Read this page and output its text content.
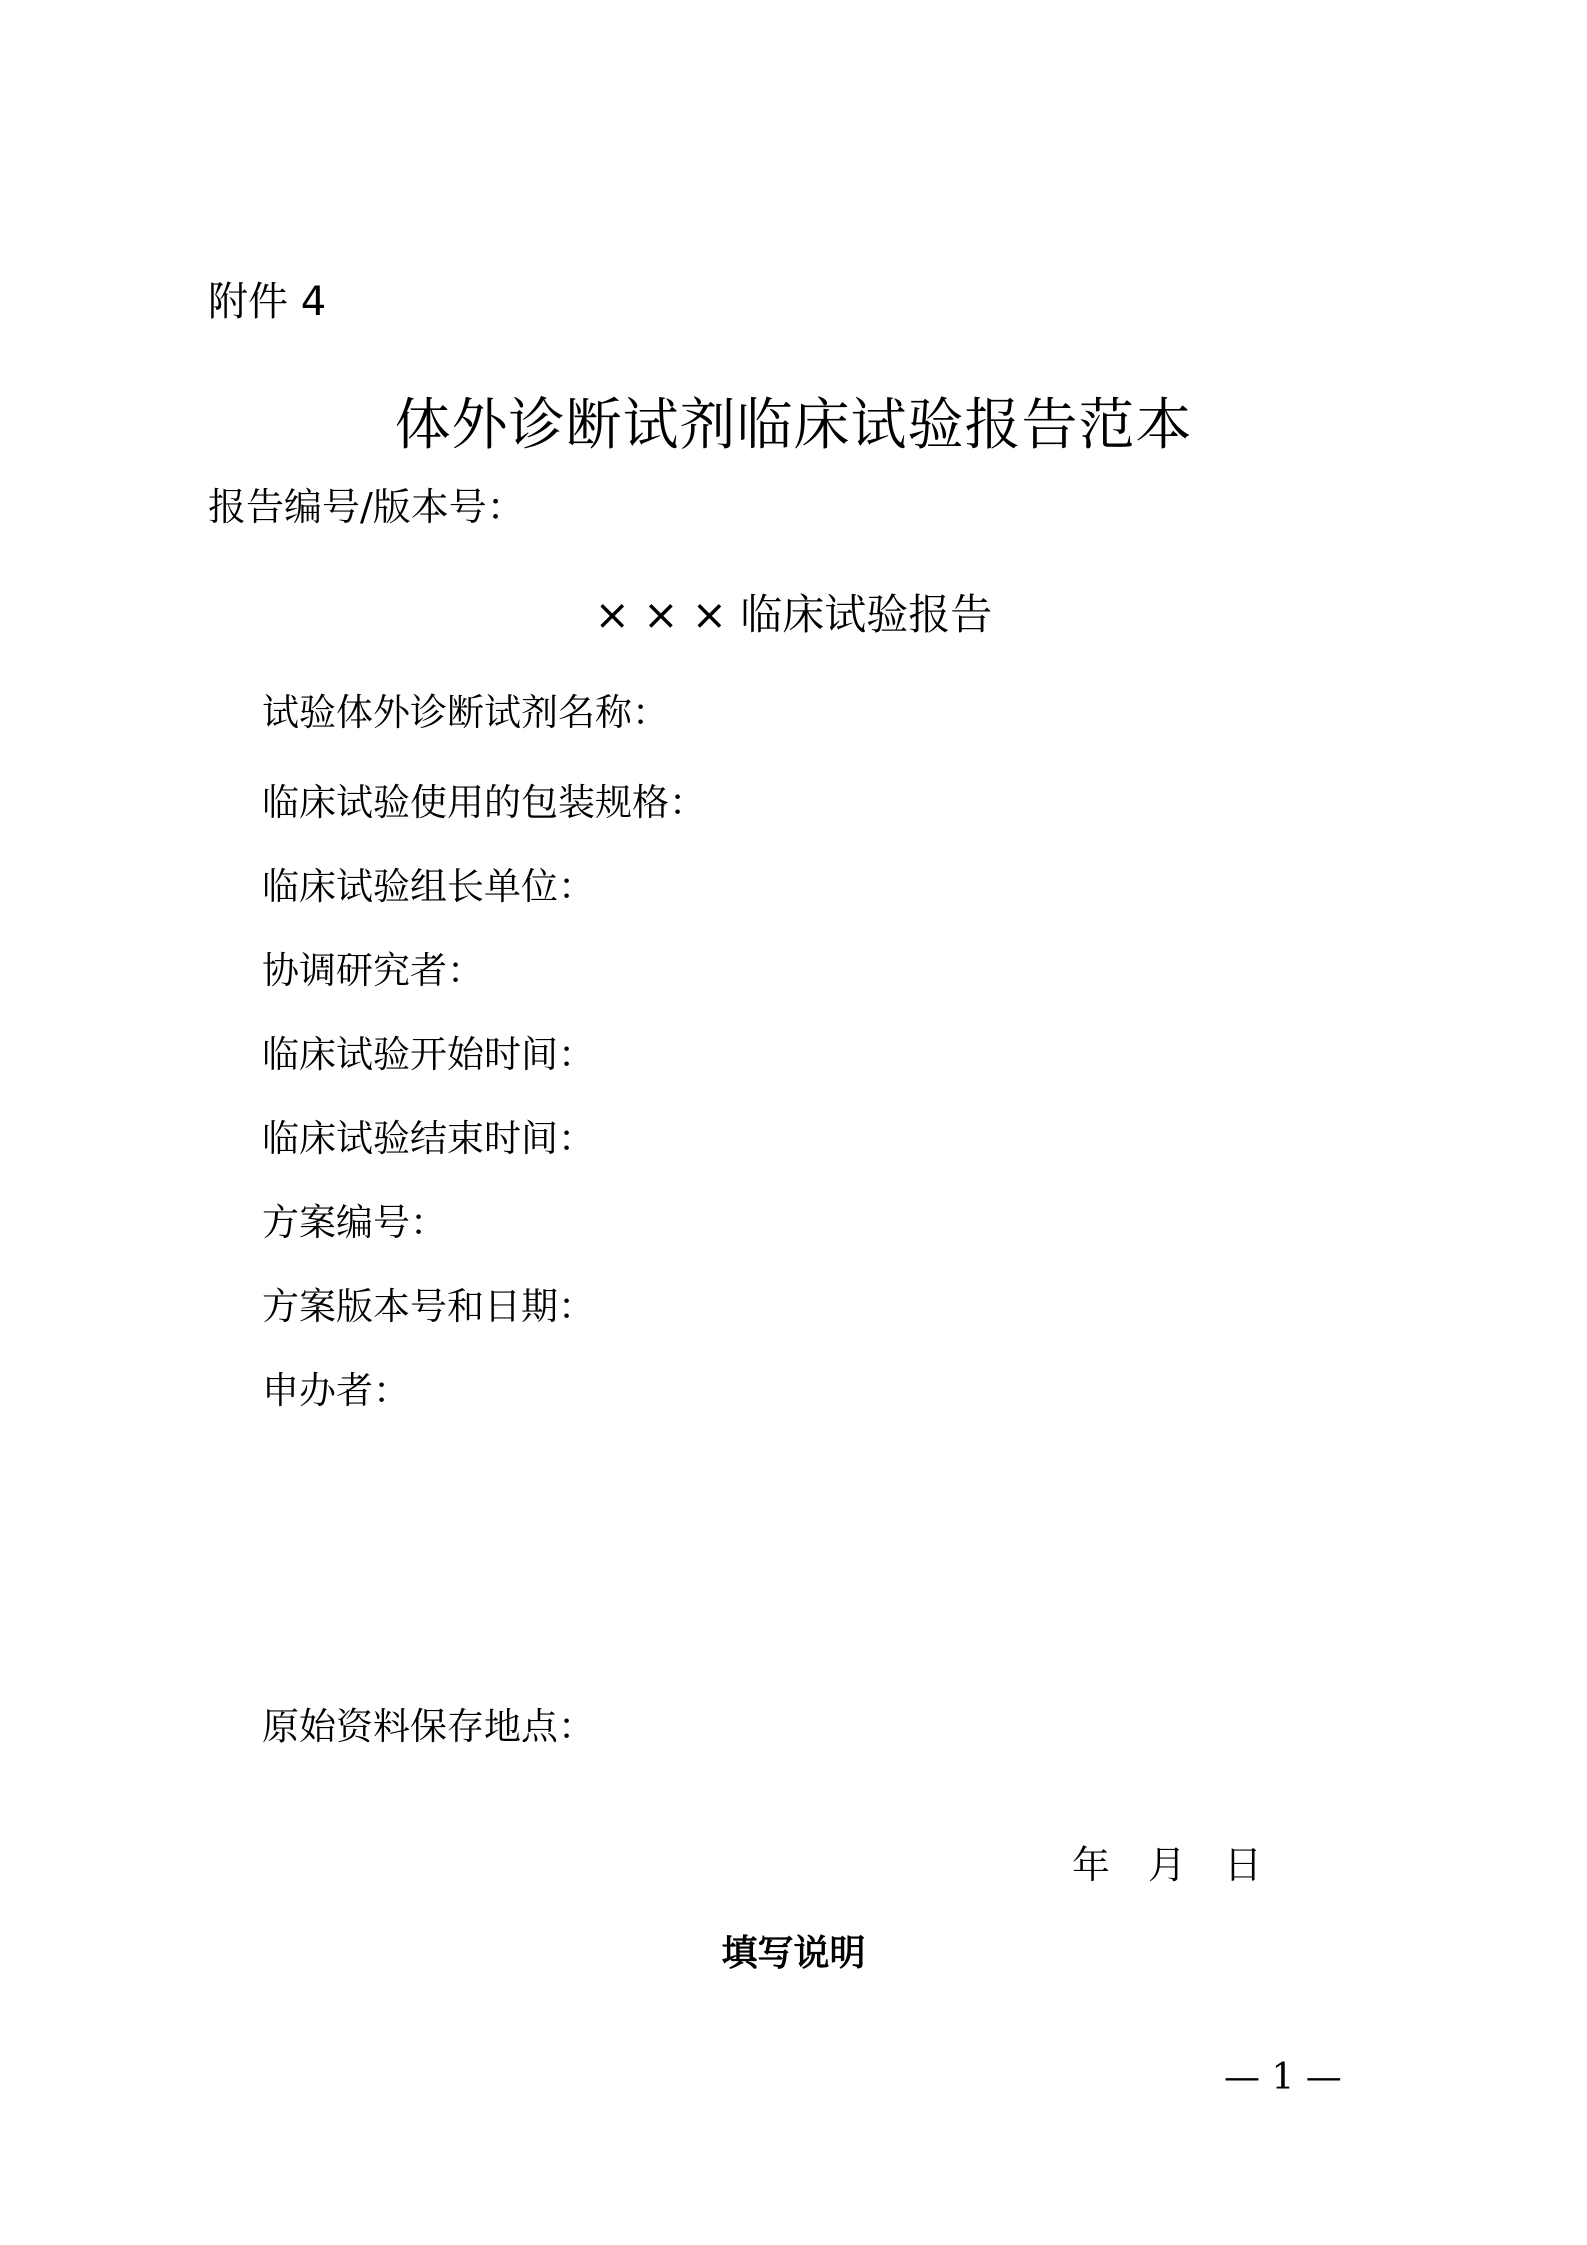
附件 4
体外诊断试剂临床试验报告范本
报告编号/版本号：
× × × 临床试验报告
试验体外诊断试剂名称：
临床试验使用的包装规格：
临床试验组长单位：
协调研究者：
临床试验开始时间：
临床试验结束时间：
方案编号：
方案版本号和日期：
申办者：
原始资料保存地点：
年 月 日
填写说明
— 1 —
